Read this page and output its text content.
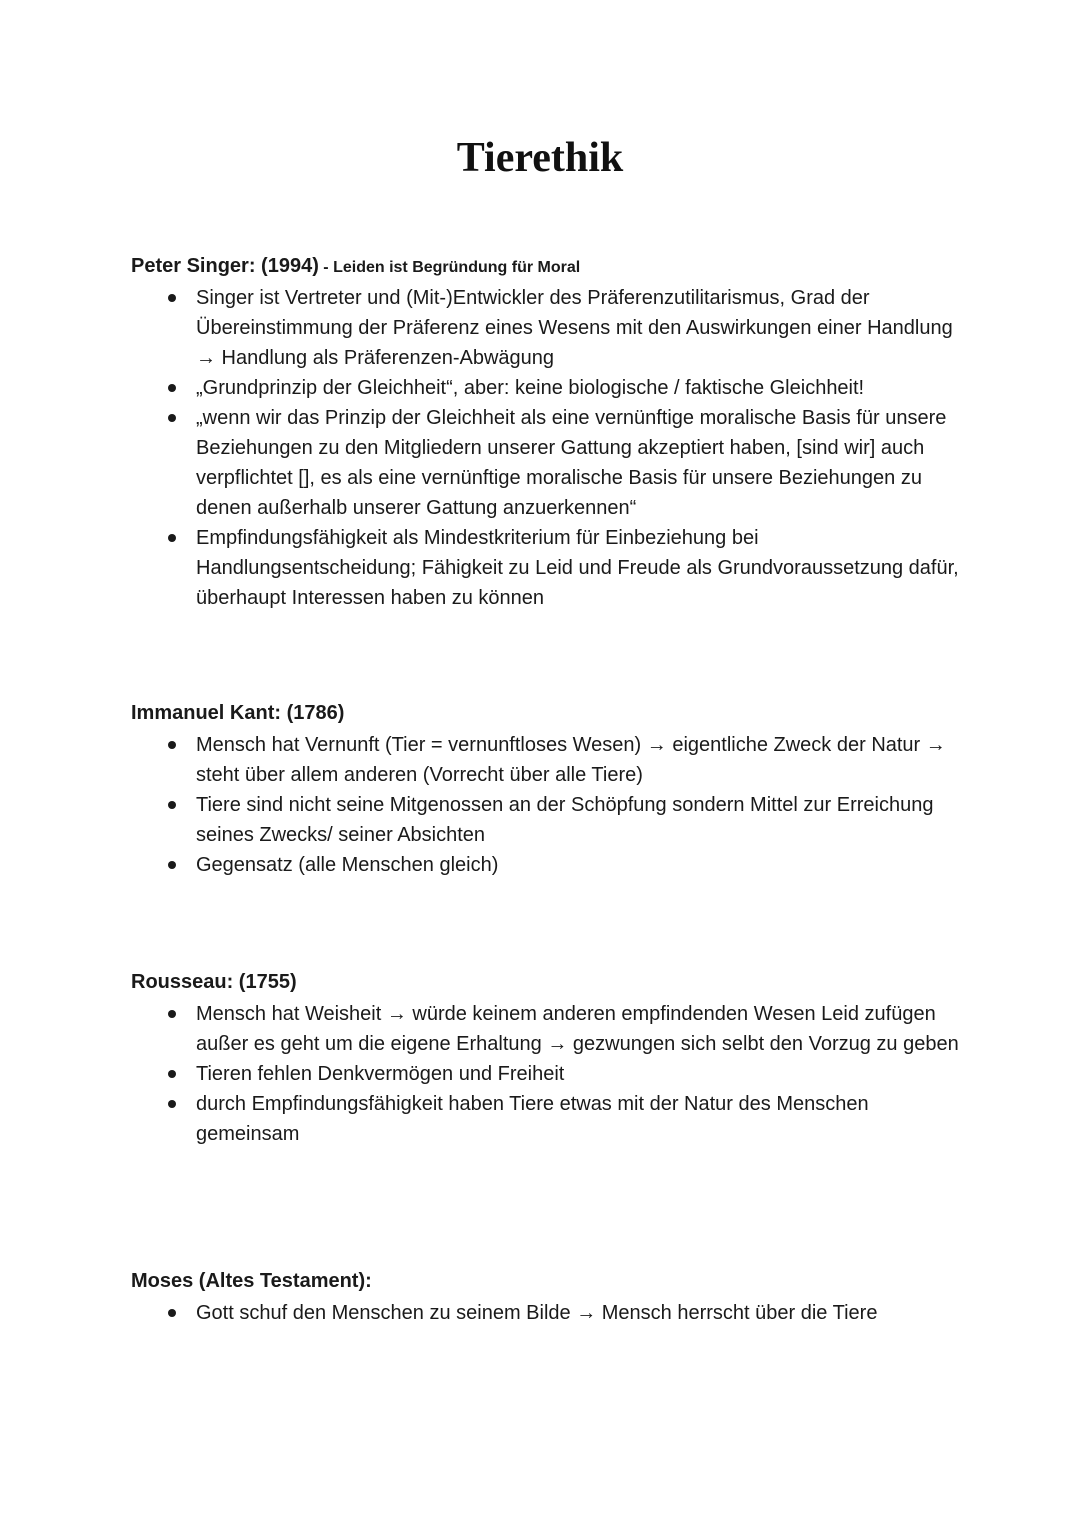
Tierethik

Peter Singer: (1994) - Leiden ist Begründung für Moral

Singer ist Vertreter und (Mit-)Entwickler des Präferenzutilitarismus, Grad der Übereinstimmung der Präferenz eines Wesens mit den Auswirkungen einer Handlung → Handlung als Präferenzen-Abwägung
„Grundprinzip der Gleichheit“, aber: keine biologische / faktische Gleichheit!
„wenn wir das Prinzip der Gleichheit als eine vernünftige moralische Basis für unsere Beziehungen zu den Mitgliedern unserer Gattung akzeptiert haben, [sind wir] auch verpflichtet [], es als eine vernünftige moralische Basis für unsere Beziehungen zu denen außerhalb unserer Gattung anzuerkennen“
Empfindungsfähigkeit als Mindestkriterium für Einbeziehung bei Handlungsentscheidung; Fähigkeit zu Leid und Freude als Grundvoraussetzung dafür, überhaupt Interessen haben zu können

Immanuel Kant: (1786)

Mensch hat Vernunft (Tier = vernunftloses Wesen) → eigentliche Zweck der Natur → steht über allem anderen (Vorrecht über alle Tiere)
Tiere sind nicht seine Mitgenossen an der Schöpfung sondern Mittel zur Erreichung seines Zwecks/ seiner Absichten
Gegensatz (alle Menschen gleich)

Rousseau: (1755)

Mensch hat Weisheit → würde keinem anderen empfindenden Wesen Leid zufügen außer es geht um die eigene Erhaltung → gezwungen sich selbt den Vorzug zu geben
Tieren fehlen Denkvermögen und Freiheit
durch Empfindungsfähigkeit haben Tiere etwas mit der Natur des Menschen gemeinsam

Moses (Altes Testament):

Gott schuf den Menschen zu seinem Bilde → Mensch herrscht über die Tiere
